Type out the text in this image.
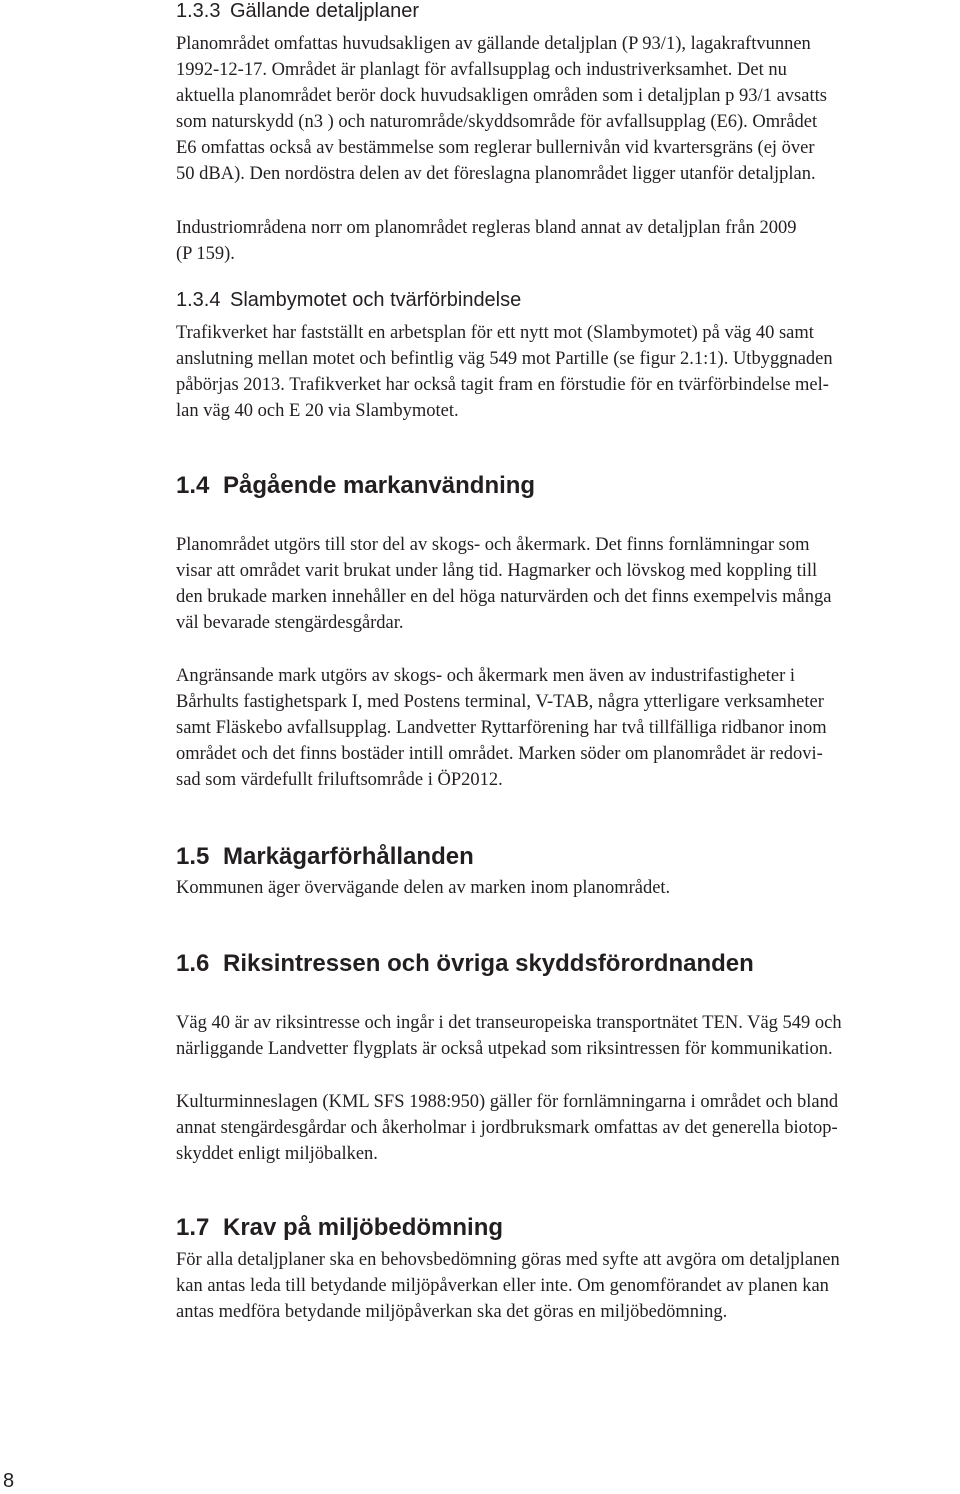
1.3.3 Gällande detaljplaner

Planområdet omfattas huvudsakligen av gällande detaljplan (P 93/1), lagakraftvunnen
1992-12-17. Området är planlagt för avfallsupplag och industriverksamhet. Det nu
aktuella planområdet berör dock huvudsakligen områden som i detaljplan p 93/1 avsatts
som naturskydd (n3 ) och naturområde/skyddsområde för avfallsupplag (E6). Området
E6 omfattas också av bestämmelse som reglerar bullernivån vid kvartersgräns (ej över
50 dBA). Den nordöstra delen av det föreslagna planområdet ligger utanför detaljplan.

Industriområdena norr om planområdet regleras bland annat av detaljplan från 2009
(P 159).

1.3.4 Slambymotet och tvärförbindelse

Trafikverket har fastställt en arbetsplan för ett nytt mot (Slambymotet) på väg 40 samt
anslutning mellan motet och befintlig väg 549 mot Partille (se figur 2.1:1). Utbyggnaden
påbörjas 2013. Trafikverket har också tagit fram en förstudie för en tvärförbindelse mel-
lan väg 40 och E 20 via Slambymotet.

1.4 Pågående markanvändning

Planområdet utgörs till stor del av skogs- och åkermark. Det finns fornlämningar som
visar att området varit brukat under lång tid. Hagmarker och lövskog med koppling till
den brukade marken innehåller en del höga naturvärden och det finns exempelvis många
väl bevarade stengärdesgårdar.

Angränsande mark utgörs av skogs- och åkermark men även av industrifastigheter i
Bårhults fastighetspark I, med Postens terminal, V-TAB, några ytterligare verksamheter
samt Fläskebo avfallsupplag. Landvetter Ryttarförening har två tillfälliga ridbanor inom
området och det finns bostäder intill området. Marken söder om planområdet är redovi-
sad som värdefullt friluftsområde i ÖP2012.

1.5 Markägarförhållanden

Kommunen äger övervägande delen av marken inom planområdet.

1.6 Riksintressen och övriga skyddsförordnanden

Väg 40 är av riksintresse och ingår i det transeuropeiska transportnätet TEN. Väg 549 och
närliggande Landvetter flygplats är också utpekad som riksintressen för kommunikation.

Kulturminneslagen (KML SFS 1988:950) gäller för fornlämningarna i området och bland
annat stengärdesgårdar och åkerholmar i jordbruksmark omfattas av det generella biotop-
skyddet enligt miljöbalken.

1.7 Krav på miljöbedömning

För alla detaljplaner ska en behovsbedömning göras med syfte att avgöra om detaljplanen
kan antas leda till betydande miljöpåverkan eller inte. Om genomförandet av planen kan
antas medföra betydande miljöpåverkan ska det göras en miljöbedömning.

8
